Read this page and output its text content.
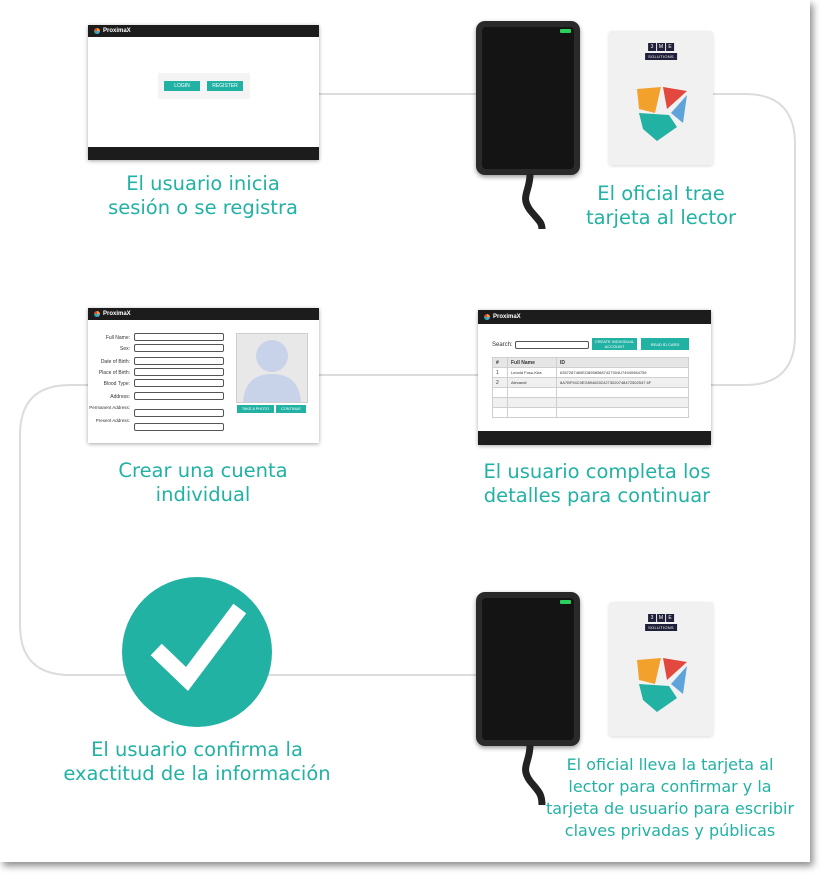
ProximaX
LOGIN	REGISTER
El usuario inicia
sesión o se registra
3	M	E
SOLUTIONS
El oficial trae
tarjeta al lector
ProximaX
Search:
CREATE INDIVIDUAL ACCOUNT	READ ID CARD
#	Full Name	ID
1	Leonid Fosu-Kha	6357287460EG89583687427304U74940984759
2	Alexandr	8A7BF94C0EG89482024273020748472502547 6F

El usuario completa los
detalles para continuar
ProximaX
Full Name:
Sex:
Date of Birth:
Place of Birth:
Blood Type:
Address:
Permanent Address:
Present Address:
TAKE A PHOTO	CONTINUE
Crear una cuenta
individual
El usuario confirma la
exactitud de la información
3	M	E
SOLUTIONS
El oficial lleva la tarjeta al
lector para confirmar y la
tarjeta de usuario para escribir
claves privadas y públicas
